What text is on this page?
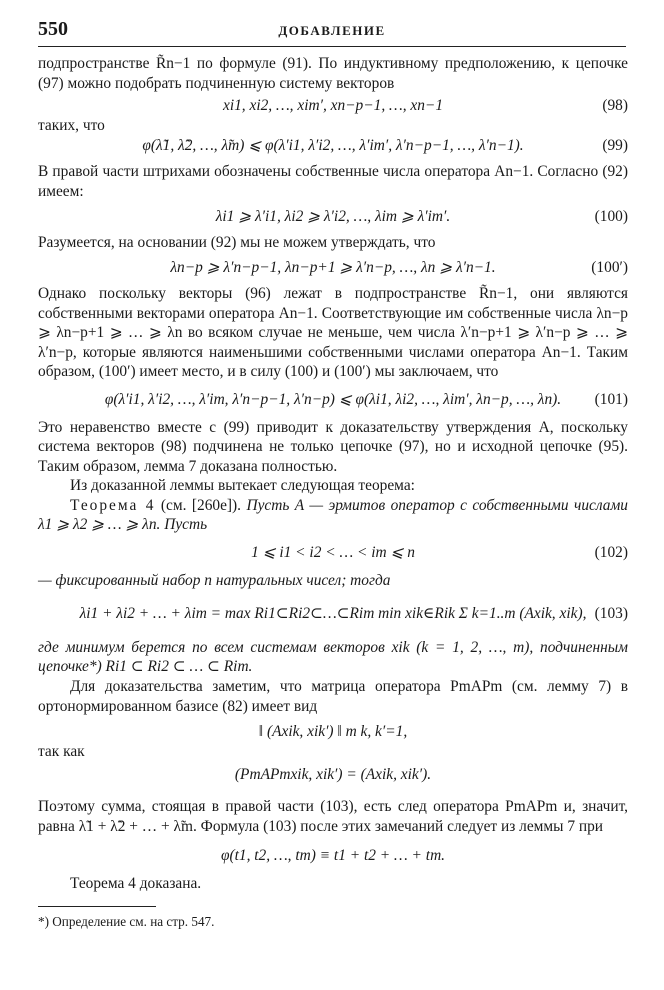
550	ДОБАВЛЕНИЕ

подпространстве R̃n−1 по формуле (91). По индуктивному предположению, к цепочке (97) можно подобрать подчиненную систему векторов

xi1, xi2, …, xim′, xn−p−1, …, xn−1	(98)

таких, что

φ(λ̃1, λ̃2, …, λ̃m) ⩽ φ(λ′i1, λ′i2, …, λ′im′, λ′n−p−1, …, λ′n−1).	(99)

В правой части штрихами обозначены собственные числа оператора An−1. Согласно (92) имеем:

λi1 ⩾ λ′i1, λi2 ⩾ λ′i2, …, λim ⩾ λ′im′.	(100)

Разумеется, на основании (92) мы не можем утверждать, что

λn−p ⩾ λ′n−p−1, λn−p+1 ⩾ λ′n−p, …, λn ⩾ λ′n−1.	(100′)

Однако поскольку векторы (96) лежат в подпространстве R̃n−1, они являются собственными векторами оператора An−1. Соответствующие им собственные числа λn−p ⩾ λn−p+1 ⩾ … ⩾ λn во всяком случае не меньше, чем числа λ′n−p+1 ⩾ λ′n−p ⩾ … ⩾ λ′n−p, которые являются наименьшими собственными числами оператора An−1. Таким образом, (100′) имеет место, и в силу (100) и (100′) мы заключаем, что

φ(λ′i1, λ′i2, …, λ′im, λ′n−p−1, λ′n−p) ⩽ φ(λi1, λi2, …, λim′, λn−p, …, λn). (101)

Это неравенство вместе с (99) приводит к доказательству утверждения A, поскольку система векторов (98) подчинена не только цепочке (97), но и исходной цепочке (95). Таким образом, лемма 7 доказана полностью.

Из доказанной леммы вытекает следующая теорема:

Теорема 4 (см. [260e]). Пусть A — эрмитов оператор с собственными числами λ1 ⩾ λ2 ⩾ … ⩾ λn. Пусть

1 ⩽ i1 < i2 < … < im ⩽ n	(102)

— фиксированный набор n натуральных чисел; тогда

λi1 + λi2 + … + λim = max Ri1⊂Ri2⊂…⊂Rim min xik∈Rik Σ k=1..m (Axik, xik), (103)

где минимум берется по всем системам векторов xik (k = 1, 2, …, m), подчиненным цепочке*) Ri1 ⊂ Ri2 ⊂ … ⊂ Rim.

Для доказательства заметим, что матрица оператора PmAPm (см. лемму 7) в ортонормированном базисе (82) имеет вид

‖ (Axik, xik′) ‖ m k, k′=1,

так как

(PmAPmxik, xik′) = (Axik, xik′).

Поэтому сумма, стоящая в правой части (103), есть след оператора PmAPm и, значит, равна λ̃1 + λ̃2 + … + λ̃m. Формула (103) после этих замечаний следует из леммы 7 при

φ(t1, t2, …, tm) ≡ t1 + t2 + … + tm.

Теорема 4 доказана.

*) Определение см. на стр. 547.
